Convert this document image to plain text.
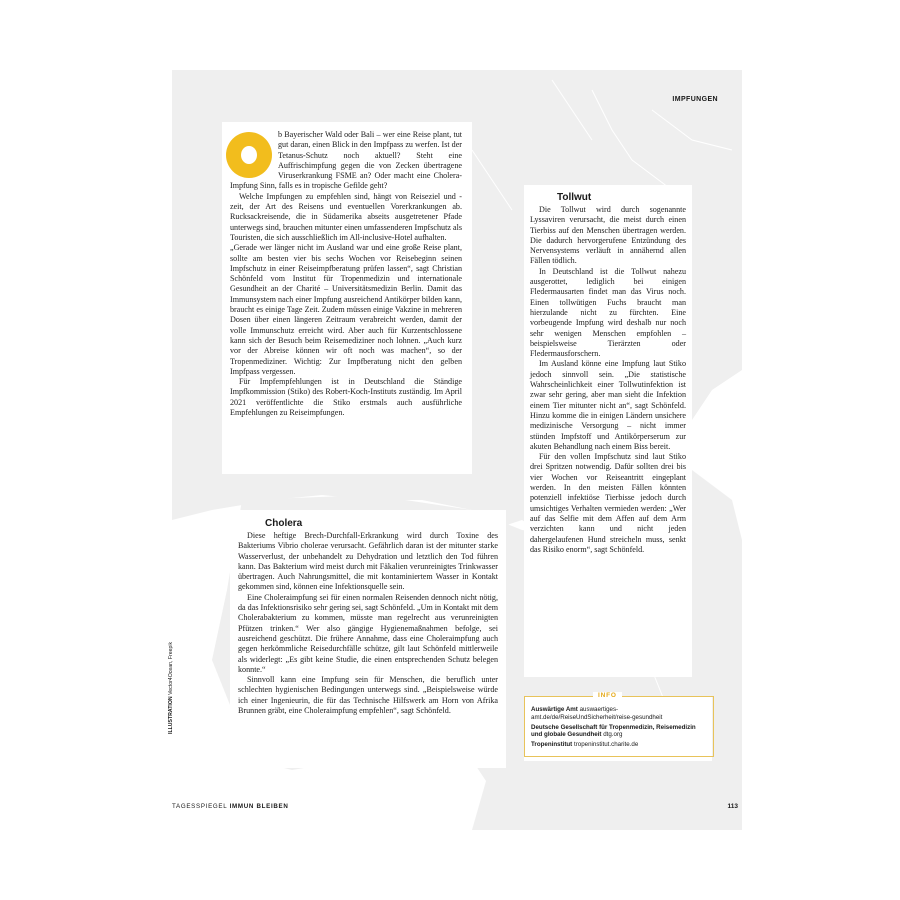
IMPFUNGEN

b Bayerischer Wald oder Bali – wer eine Reise plant, tut gut daran, einen Blick in den Impfpass zu werfen. Ist der Tetanus-Schutz noch aktuell? Steht eine Auffrischimpfung gegen die von Zecken übertragene Viruserkrankung FSME an? Oder macht eine Cholera-Impfung Sinn, falls es in tropische Gefilde geht?

Welche Impfungen zu empfehlen sind, hängt von Reiseziel und -zeit, der Art des Reisens und eventuellen Vorerkrankungen ab. Rucksackreisende, die in Südamerika abseits ausgetretener Pfade unterwegs sind, brauchen mitunter einen umfassenderen Impfschutz als Touristen, die sich ausschließlich im All-inclusive-Hotel aufhalten.

„Gerade wer länger nicht im Ausland war und eine große Reise plant, sollte am besten vier bis sechs Wochen vor Reisebeginn seinen Impfschutz in einer Reiseimpfberatung prüfen lassen“, sagt Christian Schönfeld vom Institut für Tropenmedizin und internationale Gesundheit an der Charité – Universitätsmedizin Berlin. Damit das Immunsystem nach einer Impfung ausreichend Antikörper bilden kann, braucht es einige Tage Zeit. Zudem müssen einige Vakzine in mehreren Dosen über einen längeren Zeitraum verabreicht werden, damit der volle Immunschutz erreicht wird. Aber auch für Kurzentschlossene kann sich der Besuch beim Reisemediziner noch lohnen. „Auch kurz vor der Abreise können wir oft noch was machen“, so der Tropenmediziner. Wichtig: Zur Impfberatung nicht den gelben Impfpass vergessen.

Für Impfempfehlungen ist in Deutschland die Ständige Impfkommission (Stiko) des Robert-Koch-Instituts zuständig. Im April 2021 veröffentlichte die Stiko erstmals auch ausführliche Empfehlungen zu Reiseimpfungen.

Tollwut

Die Tollwut wird durch sogenannte Lyssaviren verursacht, die meist durch einen Tierbiss auf den Menschen übertragen werden. Die dadurch hervorgerufene Entzündung des Nervensystems verläuft in annähernd allen Fällen tödlich.

In Deutschland ist die Tollwut nahezu ausgerottet, lediglich bei einigen Fledermausarten findet man das Virus noch. Einen tollwütigen Fuchs braucht man hierzulande nicht zu fürchten. Eine vorbeugende Impfung wird deshalb nur noch sehr wenigen Menschen empfohlen – beispielsweise Tierärzten oder Fledermausforschern.

Im Ausland könne eine Impfung laut Stiko jedoch sinnvoll sein. „Die statistische Wahrscheinlichkeit einer Tollwutinfektion ist zwar sehr gering, aber man sieht die Infektion einem Tier mitunter nicht an“, sagt Schönfeld. Hinzu komme die in einigen Ländern unsichere medizinische Versorgung – nicht immer stünden Impfstoff und Antikörperserum zur akuten Behandlung nach einem Biss bereit.

Für den vollen Impfschutz sind laut Stiko drei Spritzen notwendig. Dafür sollten drei bis vier Wochen vor Reiseantritt eingeplant werden. In den meisten Fällen könnten potenziell infektiöse Tierbisse jedoch durch umsichtiges Verhalten vermieden werden: „Wer auf das Selfie mit dem Affen auf dem Arm verzichten kann und nicht jeden dahergelaufenen Hund streicheln muss, senkt das Risiko enorm“, sagt Schönfeld.

Cholera

Diese heftige Brech-Durchfall-Erkrankung wird durch Toxine des Bakteriums Vibrio cholerae verursacht. Gefährlich daran ist der mitunter starke Wasserverlust, der unbehandelt zu Dehydration und letztlich den Tod führen kann. Das Bakterium wird meist durch mit Fäkalien verunreinigtes Trinkwasser übertragen. Auch Nahrungsmittel, die mit kontaminiertem Wasser in Kontakt gekommen sind, können eine Infektionsquelle sein.

Eine Choleraimpfung sei für einen normalen Reisenden dennoch nicht nötig, da das Infektionsrisiko sehr gering sei, sagt Schönfeld. „Um in Kontakt mit dem Cholerabakterium zu kommen, müsste man regelrecht aus verunreinigten Pfützen trinken.“ Wer also gängige Hygienemaßnahmen befolge, sei ausreichend geschützt. Die frühere Annahme, dass eine Choleraimpfung auch gegen herkömmliche Reisedurchfälle schütze, gilt laut Schönfeld mittlerweile als widerlegt: „Es gibt keine Studie, die einen entsprechenden Schutz belegen konnte.“

Sinnvoll kann eine Impfung sein für Menschen, die beruflich unter schlechten hygienischen Bedingungen unterwegs sind. „Beispielsweise würde ich einer Ingenieurin, die für das Technische Hilfswerk am Horn von Afrika Brunnen gräbt, eine Choleraimpfung empfehlen“, sagt Schönfeld.

INFO

Auswärtige Amt auswaertiges-amt.de/de/ReiseUndSicherheit/reise-gesundheit

Deutsche Gesellschaft für Tropenmedizin, Reisemedizin und globale Gesundheit dtg.org

Tropeninstitut tropeninstitut.charite.de

TAGESSPIEGEL IMMUN BLEIBEN	113
ILLUSTRATION Vector4Ocean, Freepik
